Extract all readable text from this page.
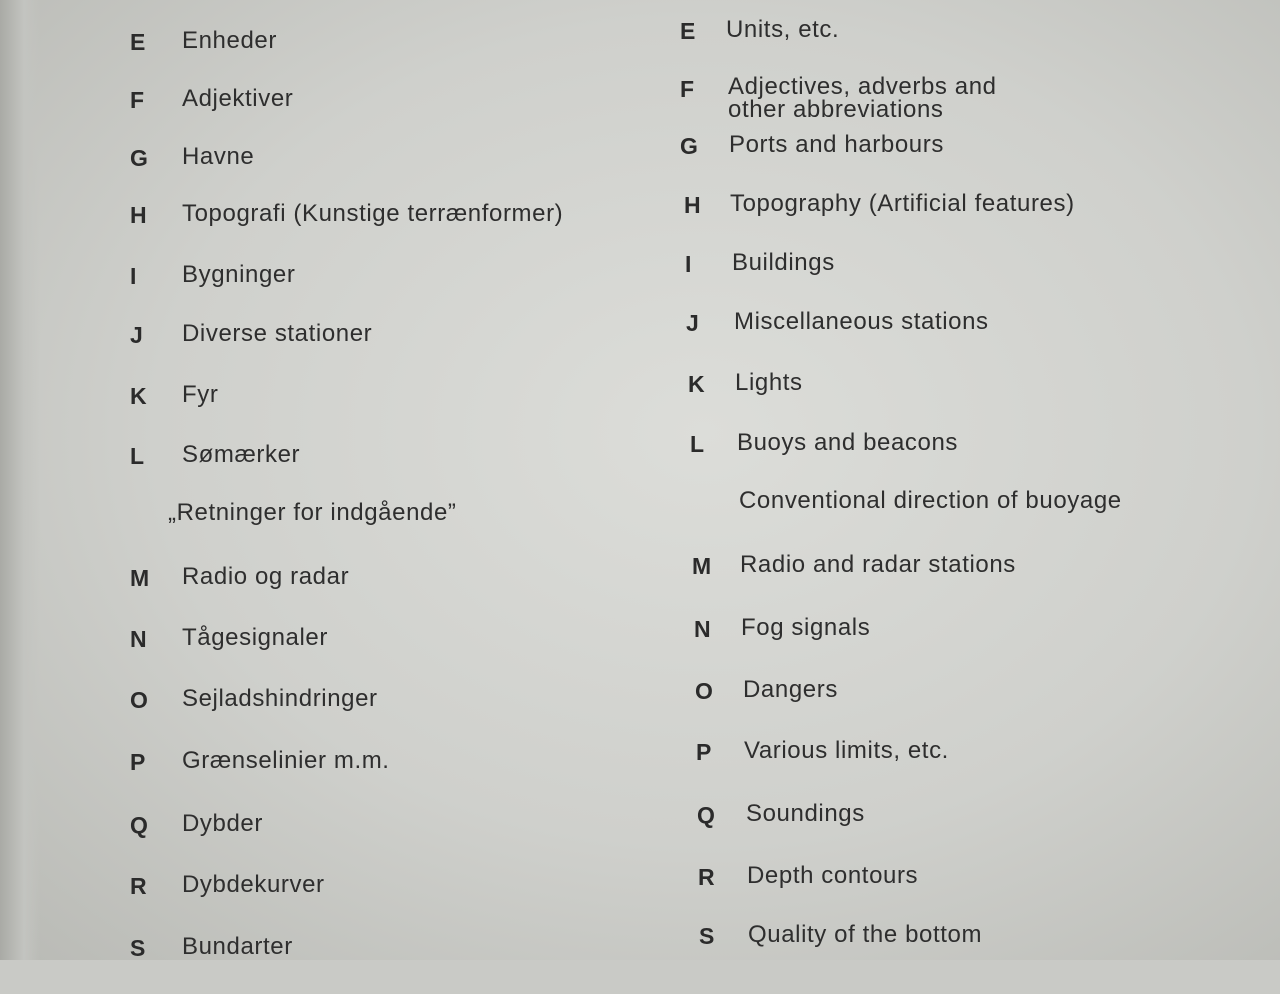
E	Enheder
F	Adjektiver
G	Havne
H	Topografi (Kunstige terrænformer)
I	Bygninger
J	Diverse stationer
K	Fyr
L	Sømærker
„Retninger for indgående”
M	Radio og radar
N	Tågesignaler
O	Sejladshindringer
P	Grænselinier m.m.
Q	Dybder
R	Dybdekurver
S	Bundarter
E	Units, etc.
F	Adjectives, adverbs and
other abbreviations
G	Ports and harbours
H	Topography (Artificial features)
I	Buildings
J	Miscellaneous stations
K	Lights
L	Buoys and beacons
Conventional direction of buoyage
M	Radio and radar stations
N	Fog signals
O	Dangers
P	Various limits, etc.
Q	Soundings
R	Depth contours
S	Quality of the bottom
